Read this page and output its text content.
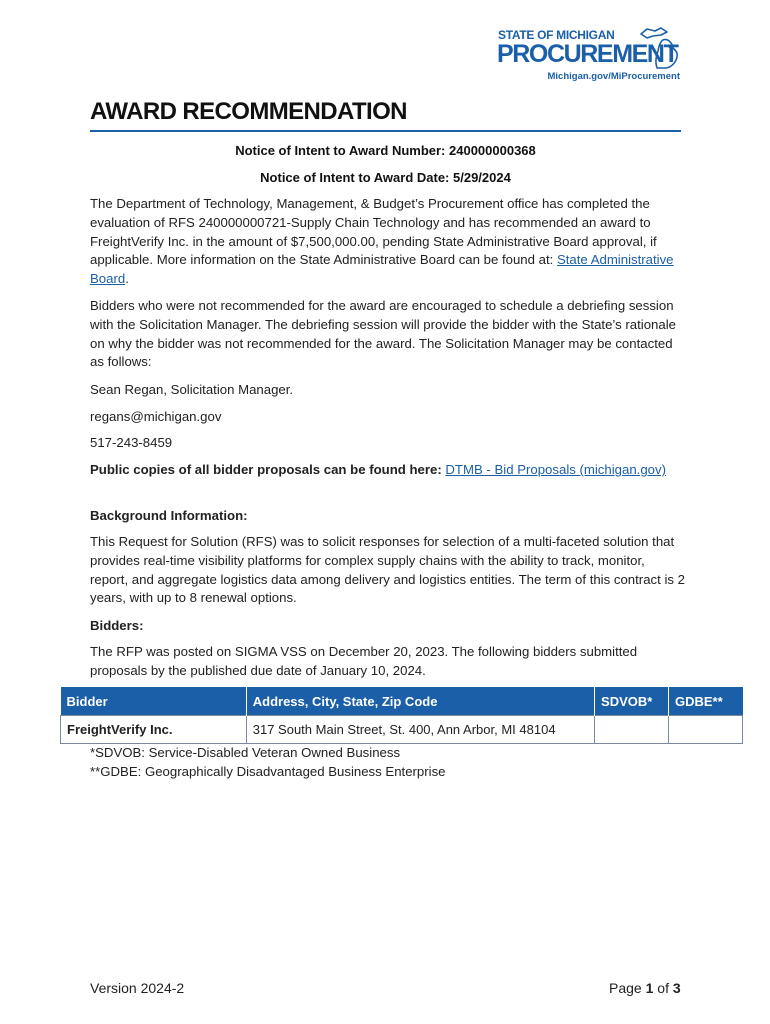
STATE OF MICHIGAN
PROCUREMENT
Michigan.gov/MiProcurement
AWARD RECOMMENDATION
Notice of Intent to Award Number: 240000000368
Notice of Intent to Award Date: 5/29/2024

The Department of Technology, Management, & Budget’s Procurement office has completed the evaluation of RFS 240000000721-Supply Chain Technology and has recommended an award to FreightVerify Inc. in the amount of $7,500,000.00, pending State Administrative Board approval, if applicable. More information on the State Administrative Board can be found at: State Administrative Board.

Bidders who were not recommended for the award are encouraged to schedule a debriefing session with the Solicitation Manager. The debriefing session will provide the bidder with the State’s rationale on why the bidder was not recommended for the award. The Solicitation Manager may be contacted as follows:

Sean Regan, Solicitation Manager.

regans@michigan.gov

517-243-8459

Public copies of all bidder proposals can be found here: DTMB - Bid Proposals (michigan.gov)

Background Information:

This Request for Solution (RFS) was to solicit responses for selection of a multi-faceted solution that provides real-time visibility platforms for complex supply chains with the ability to track, monitor, report, and aggregate logistics data among delivery and logistics entities. The term of this contract is 2 years, with up to 8 renewal options.

Bidders:

The RFP was posted on SIGMA VSS on December 20, 2023. The following bidders submitted proposals by the published due date of January 10, 2024.

Bidder	Address, City, State, Zip Code	SDVOB*	GDBE**
FreightVerify Inc.	317 South Main Street, St. 400, Ann Arbor, MI 48104		

*SDVOB: Service-Disabled Veteran Owned Business

**GDBE: Geographically Disadvantaged Business Enterprise

Version 2024-2	Page 1 of 3
